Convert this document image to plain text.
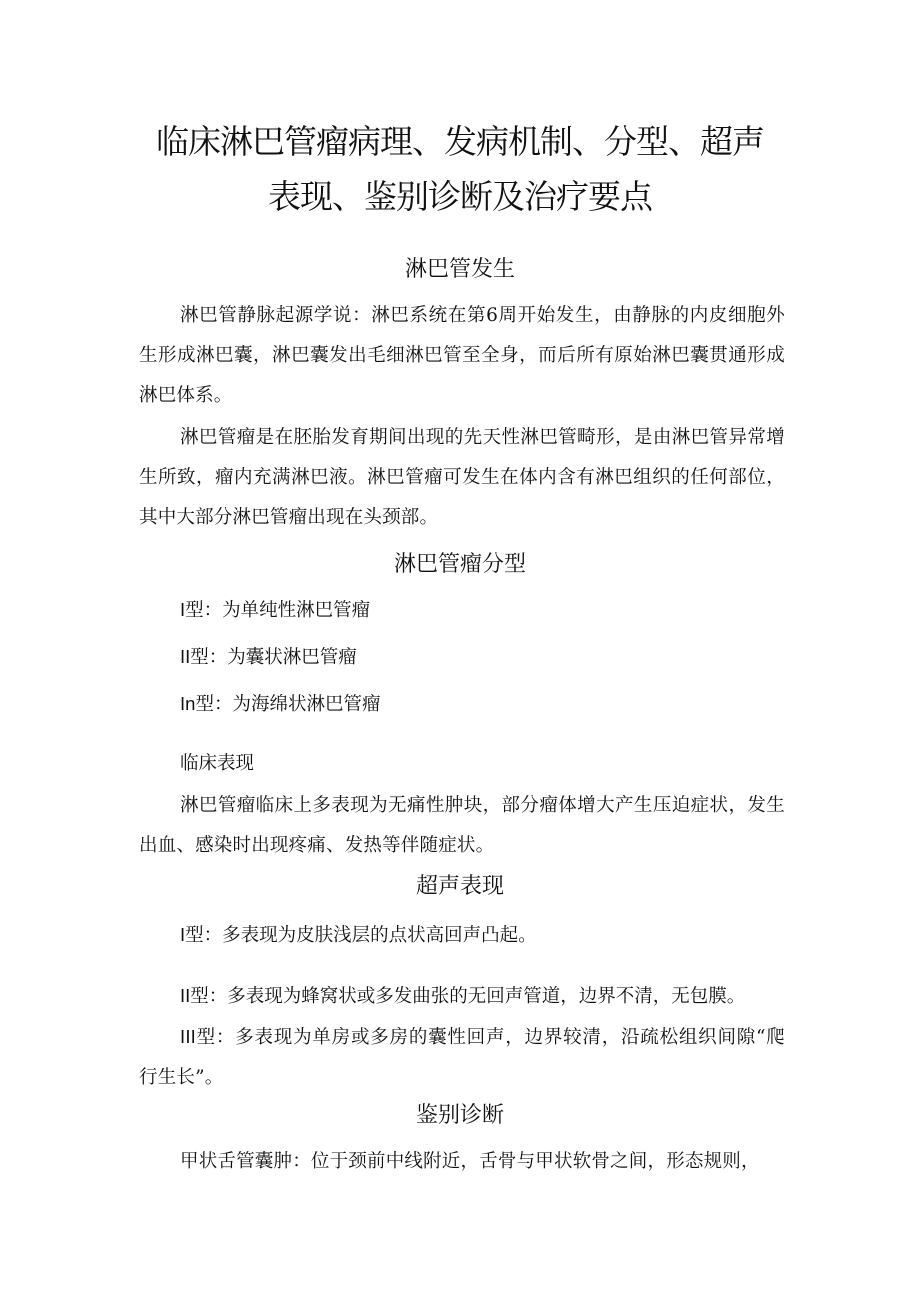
临床淋巴管瘤病理、发病机制、分型、超声
表现、鉴别诊断及治疗要点
淋巴管发生

淋巴管静脉起源学说：淋巴系统在第6周开始发生，由静脉的内皮细胞外生形成淋巴囊，淋巴囊发出毛细淋巴管至全身，而后所有原始淋巴囊贯通形成淋巴体系。

淋巴管瘤是在胚胎发育期间出现的先天性淋巴管畸形，是由淋巴管异常增生所致，瘤内充满淋巴液。淋巴管瘤可发生在体内含有淋巴组织的任何部位，其中大部分淋巴管瘤出现在头颈部。

淋巴管瘤分型

I型：为单纯性淋巴管瘤

II型：为囊状淋巴管瘤

In型：为海绵状淋巴管瘤

临床表现

淋巴管瘤临床上多表现为无痛性肿块，部分瘤体增大产生压迫症状，发生出血、感染时出现疼痛、发热等伴随症状。

超声表现

I型：多表现为皮肤浅层的点状高回声凸起。

II型：多表现为蜂窝状或多发曲张的无回声管道，边界不清，无包膜。

III型：多表现为单房或多房的囊性回声，边界较清，沿疏松组织间隙“爬行生长”。

鉴别诊断

甲状舌管囊肿：位于颈前中线附近，舌骨与甲状软骨之间，形态规则，
